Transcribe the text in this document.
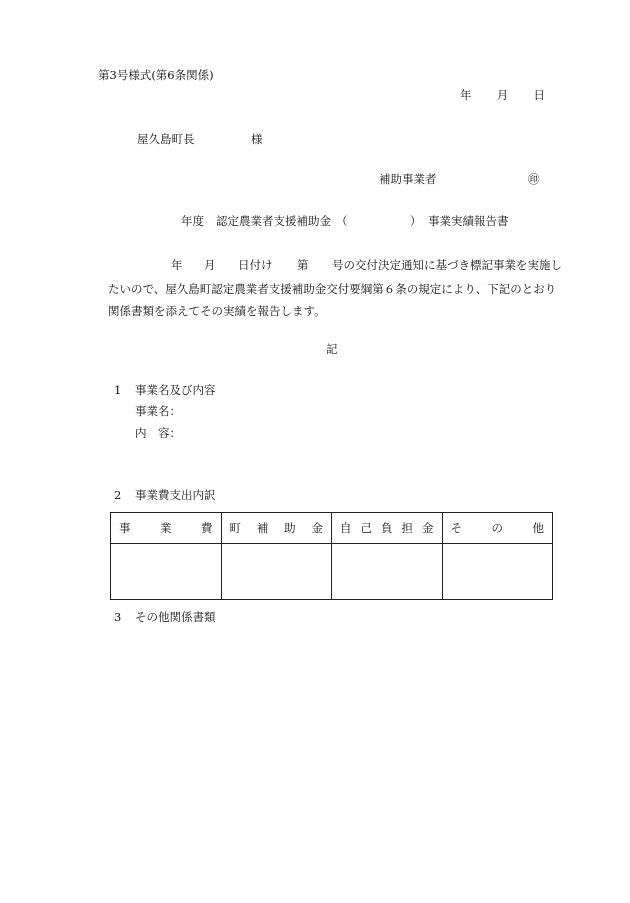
第3号様式(第6条関係)
年 月 日
屋久島町長	様
補助事業者	㊞
年度 認定農業者支援補助金 （	） 事業実績報告書
年 月 日付け 第 号の交付決定通知に基づき標記事業を実施し
たいので、屋久島町認定農業者支援補助金交付要綱第６条の規定により、下記のとおり
関係書類を添えてその実績を報告します。
記
1 事業名及び内容
事業名：
内　容：
2 事業費支出内訳
事 業 費	町 補 助 金	自 己 負 担 金	そ の 他

3 その他関係書類
